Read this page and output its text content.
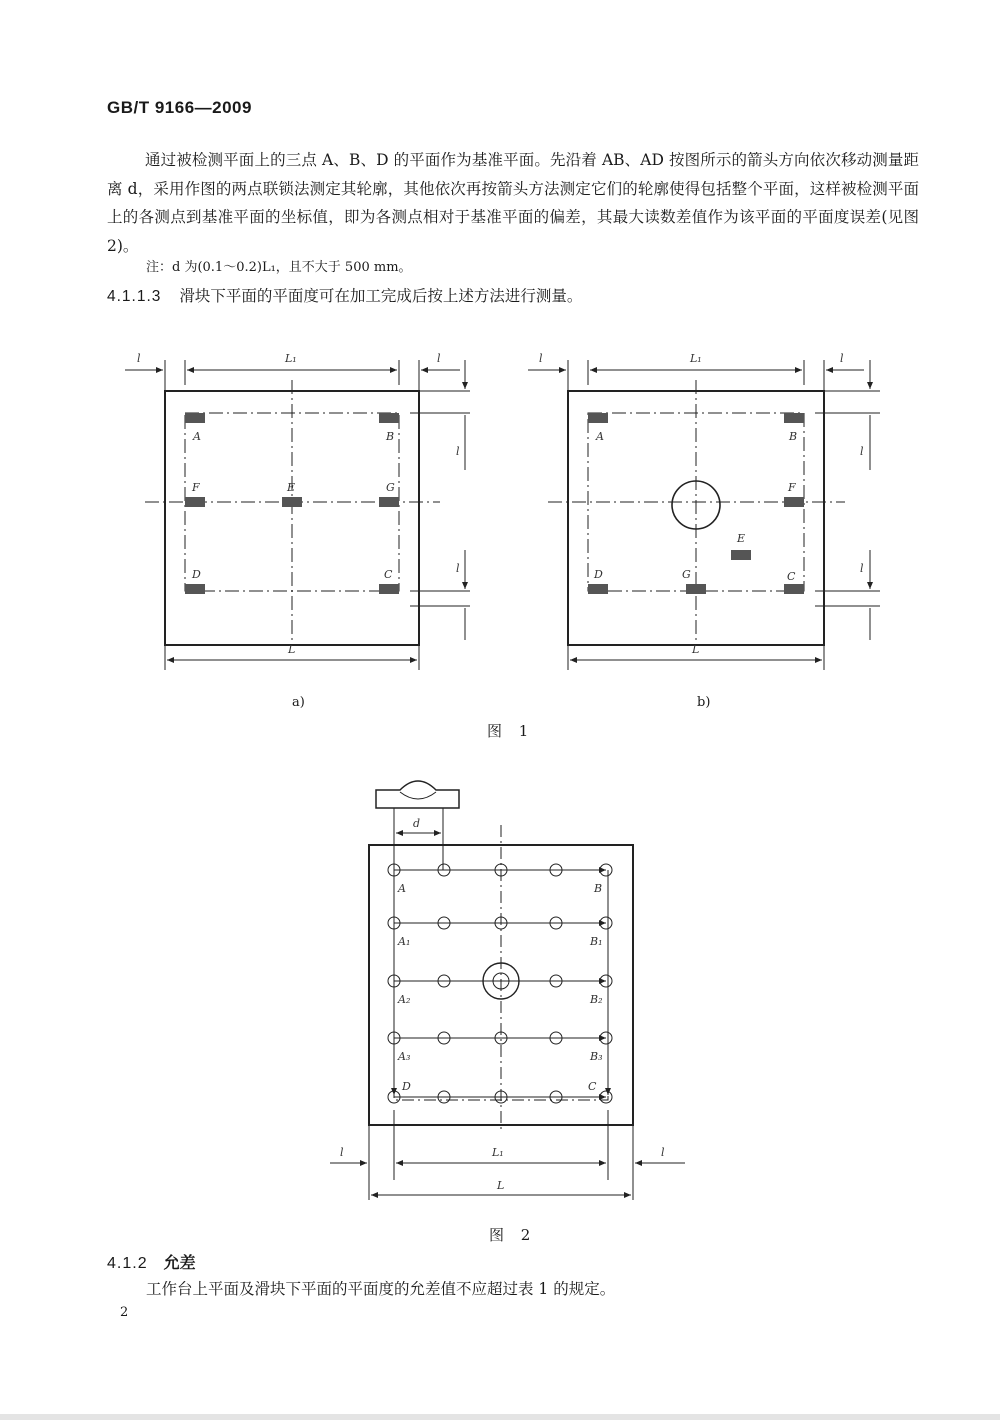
GB/T 9166—2009
通过被检测平面上的三点 A、B、D 的平面作为基准平面。先沿着 AB、AD 按图所示的箭头方向依次移动测量距离 d，采用作图的两点联锁法测定其轮廓，其他依次再按箭头方法测定它们的轮廓使得包括整个平面，这样被检测平面上的各测点到基准平面的坐标值，即为各测点相对于基准平面的偏差，其最大读数差值作为该平面的平面度误差(见图 2)。
注：d 为(0.1～0.2)L₁，且不大于 500 mm。
4.1.1.3 滑块下平面的平面度可在加工完成后按上述方法进行测量。
A	B
F	E	G
D	C
l	L₁	l
L
l
l
A	B
F
E
D	G	C
l	L₁	l
L
l
l
a)	b)
图 1
d
A
A₁
A₂
A₃
D
B
B₁
B₂
B₃
C
l	L₁	l
L
图 2
4.1.2 允差
工作台上平面及滑块下平面的平面度的允差值不应超过表 1 的规定。
2
